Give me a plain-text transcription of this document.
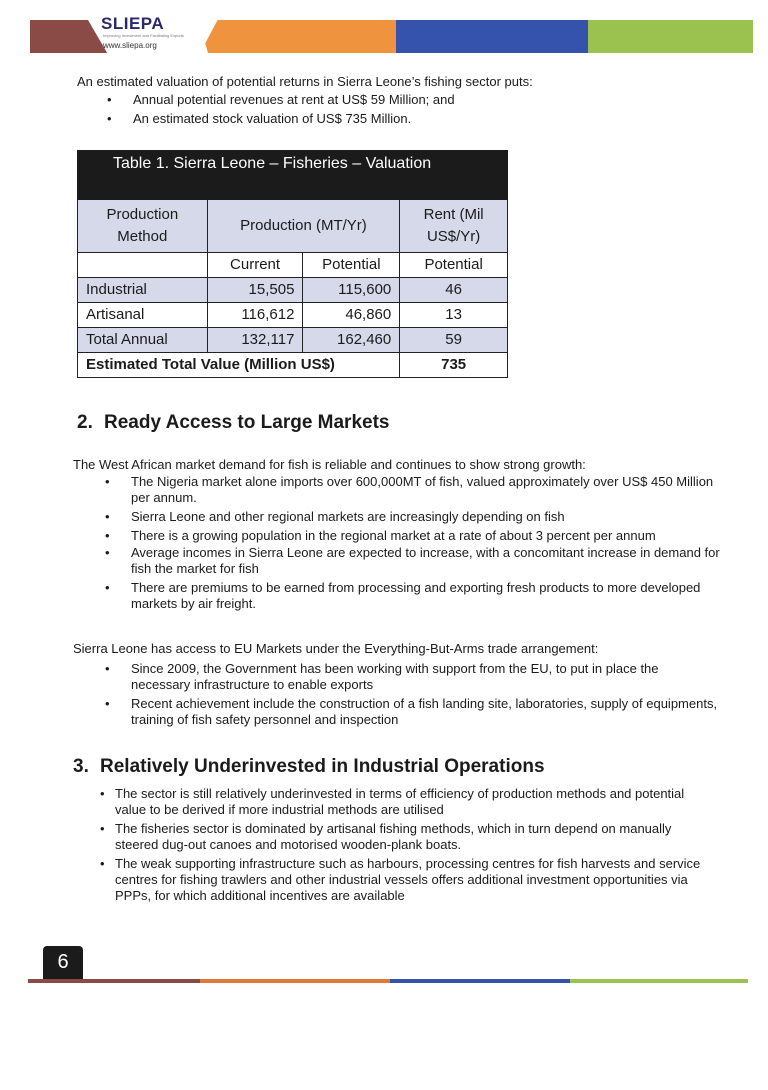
SLIEPA
Improving Investment and Facilitating Exports
www.sliepa.org

An estimated valuation of potential returns in Sierra Leone’s fishing sector puts:

• Annual potential revenues at rent at US$ 59 Million; and
• An estimated stock valuation of US$ 735 Million.
Table 1. Sierra Leone – Fisheries – Valuation
Production Method	Production (MT/Yr)		Rent (Mil US$/Yr)
	Current	Potential	Potential
Industrial	15,505	115,600	46
Artisanal	116,612	46,860	13
Total Annual	132,117	162,460	59
Estimated Total Value (Million US$)			735
2. Ready Access to Large Markets

The West African market demand for fish is reliable and continues to show strong growth:

• The Nigeria market alone imports over 600,000MT of fish, valued approximately over US$ 450 Million per annum.
• Sierra Leone and other regional markets are increasingly depending on fish
• There is a growing population in the regional market at a rate of about 3 percent per annum
• Average incomes in Sierra Leone are expected to increase, with a concomitant increase in demand for fish the market for fish
• There are premiums to be earned from processing and exporting fresh products to more developed markets by air freight.

Sierra Leone has access to EU Markets under the Everything-But-Arms trade arrangement:

• Since 2009, the Government has been working with support from the EU, to put in place the necessary infrastructure to enable exports
• Recent achievement include the construction of a fish landing site, laboratories, supply of equipments, training of fish safety personnel and inspection
3. Relatively Underinvested in Industrial Operations
• The sector is still relatively underinvested in terms of efficiency of production methods and potential value to be derived if more industrial methods are utilised
• The fisheries sector is dominated by artisanal fishing methods, which in turn depend on manually steered dug-out canoes and motorised wooden-plank boats.
• The weak supporting infrastructure such as harbours, processing centres for fish harvests and service centres for fishing trawlers and other industrial vessels offers additional investment opportunities via PPPs, for which additional incentives are available
6
